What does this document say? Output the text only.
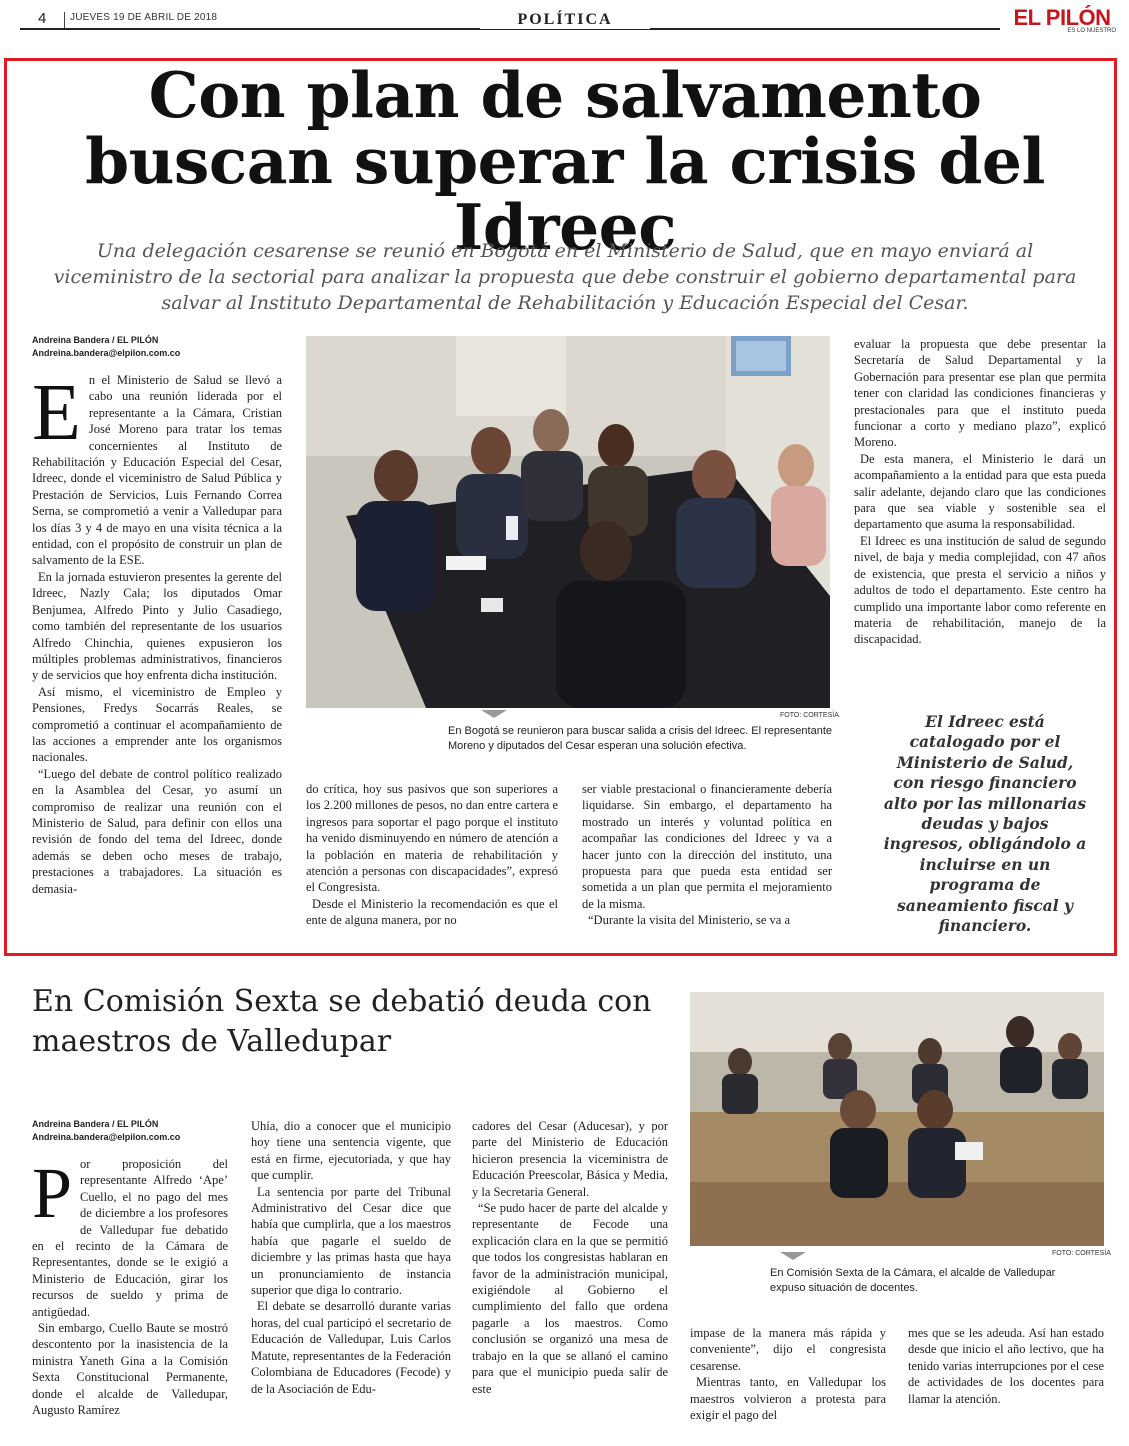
4 JUEVES 19 DE ABRIL DE 2018	POLÍTICA	EL PILÓN
ES LO NUESTRO
Con plan de salvamento buscan superar la crisis del Idreec
Una delegación cesarense se reunió en Bogotá en el Ministerio de Salud, que en mayo enviará al viceministro de la sectorial para analizar la propuesta que debe construir el gobierno departamental para salvar al Instituto Departamental de Rehabilitación y Educación Especial del Cesar.
Andreina Bandera / EL PILÓN
Andreina.bandera@elpilon.com.co
E n el Ministerio de Salud se llevó a cabo una reunión liderada por el representante a la Cámara, Cristian José Moreno para tratar los temas concernientes al Instituto de Rehabilitación y Educación Especial del Cesar, Idreec, donde el viceministro de Salud Pública y Prestación de Servicios, Luis Fernando Correa Serna, se comprometió a venir a Valledupar para los días 3 y 4 de mayo en una visita técnica a la entidad, con el propósito de construir un plan de salvamento de la ESE.

En la jornada estuvieron presentes la gerente del Idreec, Nazly Cala; los diputados Omar Benjumea, Alfredo Pinto y Julio Casadiego, como también del representante de los usuarios Alfredo Chinchia, quienes expusieron los múltiples problemas administrativos, financieros y de servicios que hoy enfrenta dicha institución.

Así mismo, el viceministro de Empleo y Pensiones, Fredys Socarrás Reales, se comprometió a continuar el acompañamiento de las acciones a emprender ante los organismos nacionales.

“Luego del debate de control político realizado en la Asamblea del Cesar, yo asumí un compromiso de realizar una reunión con el Ministerio de Salud, para definir con ellos una revisión de fondo del tema del Idreec, donde además se deben ocho meses de trabajo, prestaciones a trabajadores. La situación es demasia-

FOTO: CORTESÍA
En Bogotá se reunieron para buscar salida a crisis del Idreec. El representante Moreno y diputados del Cesar esperan una solución efectiva.

do crítica, hoy sus pasivos que son superiores a los 2.200 millones de pesos, no dan entre cartera e ingresos para soportar el pago porque el instituto ha venido disminuyendo en número de atención a la población en materia de rehabilitación y atención a personas con discapacidades”, expresó el Congresista.

Desde el Ministerio la recomendación es que el ente de alguna manera, por no

ser viable prestacional o financieramente debería liquidarse. Sin embargo, el departamento ha mostrado un interés y voluntad política en acompañar las condiciones del Idreec y va a hacer junto con la dirección del instituto, una propuesta para que pueda esta entidad ser sometida a un plan que permita el mejoramiento de la misma.

“Durante la visita del Ministerio, se va a

evaluar la propuesta que debe presentar la Secretaría de Salud Departamental y la Gobernación para presentar ese plan que permita tener con claridad las condiciones financieras y prestacionales para que el instituto pueda funcionar a corto y mediano plazo”, explicó Moreno.

De esta manera, el Ministerio le dará un acompañamiento a la entidad para que esta pueda salir adelante, dejando claro que las condiciones para que sea viable y sostenible sea el departamento que asuma la responsabilidad.

El Idreec es una institución de salud de segundo nivel, de baja y media complejidad, con 47 años de existencia, que presta el servicio a niños y adultos de todo el departamento. Este centro ha cumplido una importante labor como referente en materia de rehabilitación, manejo de la discapacidad.

El Idreec está catalogado por el Ministerio de Salud, con riesgo financiero alto por las millonarias deudas y bajos ingresos, obligándolo a incluirse en un programa de saneamiento fiscal y financiero.
En Comisión Sexta se debatió deuda con maestros de Valledupar
FOTO: CORTESÍA
En Comisión Sexta de la Cámara, el alcalde de Valledupar expuso situación de docentes.
Andreina Bandera / EL PILÓN
Andreina.bandera@elpilon.com.co
P or proposición del representante Alfredo ‘Ape’ Cuello, el no pago del mes de diciembre a los profesores de Valledupar fue debatido en el recinto de la Cámara de Representantes, donde se le exigió a Ministerio de Educación, girar los recursos de sueldo y prima de antigüedad.

Sin embargo, Cuello Baute se mostró descontento por la inasistencia de la ministra Yaneth Gina a la Comisión Sexta Constitucional Permanente, donde el alcalde de Valledupar, Augusto Ramírez

Uhía, dio a conocer que el municipio hoy tiene una sentencia vigente, que está en firme, ejecutoriada, y que hay que cumplir.

La sentencia por parte del Tribunal Administrativo del Cesar dice que había que cumplirla, que a los maestros había que pagarle el sueldo de diciembre y las primas hasta que haya un pronunciamiento de instancia superior que diga lo contrario.

El debate se desarrolló durante varias horas, del cual participó el secretario de Educación de Valledupar, Luis Carlos Matute, representantes de la Federación Colombiana de Educadores (Fecode) y de la Asociación de Edu-

cadores del Cesar (Aducesar), y por parte del Ministerio de Educación hicieron presencia la viceministra de Educación Preescolar, Básica y Media, y la Secretaria General.

“Se pudo hacer de parte del alcalde y representante de Fecode una explicación clara en la que se permitió que todos los congresistas hablaran en favor de la administración municipal, exigiéndole al Gobierno el cumplimiento del fallo que ordena pagarle a los maestros. Como conclusión se organizó una mesa de trabajo en la que se allanó el camino para que el municipio pueda salir de este

impase de la manera más rápida y conveniente”, dijo el congresista cesarense.

Mientras tanto, en Valledupar los maestros volvieron a protesta para exigir el pago del

mes que se les adeuda. Así han estado desde que inicio el año lectivo, que ha tenido varias interrupciones por el cese de actividades de los docentes para llamar la atención.
